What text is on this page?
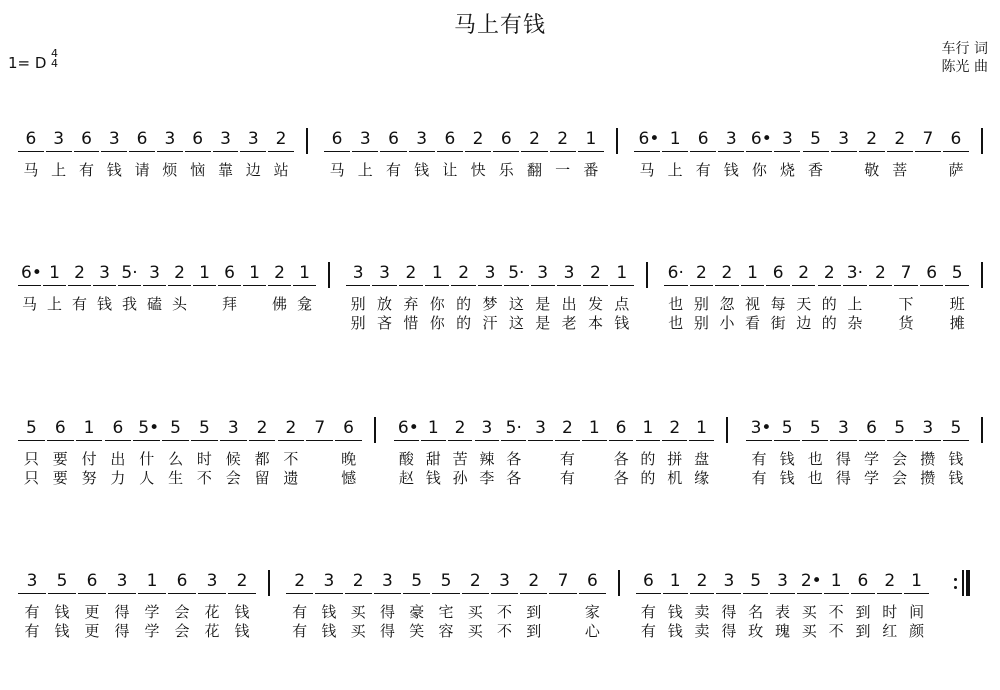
马上有钱
1= D
4
4
车行 词
陈光 曲
6
马
3
上
6
有
3
钱
6
请
3
烦
6
恼
3
靠
3
边
2
站
6
马
3
上
6
有
3
钱
6
让
2
快
6
乐
2
翻
2
一
1
番
6•
马
1
上
6
有
3
钱
6•
你
3
烧
5
香
3 2
敬
2
菩
7 6
萨
6•
马
1
上
2
有
3
钱
5·
我
3
磕
2
头
1 6
拜
1 2
佛
1
龛
3
别
别
3
放
吝
2
弃
惜
1
你
你
2
的
的
3
梦
汗
5·
这
这
3
是
是
3
出
老
2
发
本
1
点
钱
6·
也
也
2
别
别
2
忽
小
1
视
看
6
每
街
2
天
边
2
的
的
3·
上
杂
2 7
下
货
6 5
班
摊
5
只
只
6
要
要
1
付
努
6
出
力
5•
什
人
5
么
生
5
时
不
3
候
会
2
都
留
2
不
遗
7 6
晚
憾
6•
酸
赵
1
甜
钱
2
苦
孙
3
辣
李
5·
各
各
3 2
有
有
1 6
各
各
1
的
的
2
拼
机
1
盘
缘
3•
有
有
5
钱
钱
5
也
也
3
得
得
6
学
学
5
会
会
3
攒
攒
5
钱
钱
3
有
有
5
钱
钱
6
更
更
3
得
得
1
学
学
6
会
会
3
花
花
2
钱
钱
2
有
有
3
钱
钱
2
买
买
3
得
得
5
豪
笑
5
宅
容
2
买
买
3
不
不
2
到
到
7 6
家
心
6
有
有
1
钱
钱
2
卖
卖
3
得
得
5
名
玫
3
表
瑰
2•
买
买
1
不
不
6
到
到
2
时
红
1
间
颜
